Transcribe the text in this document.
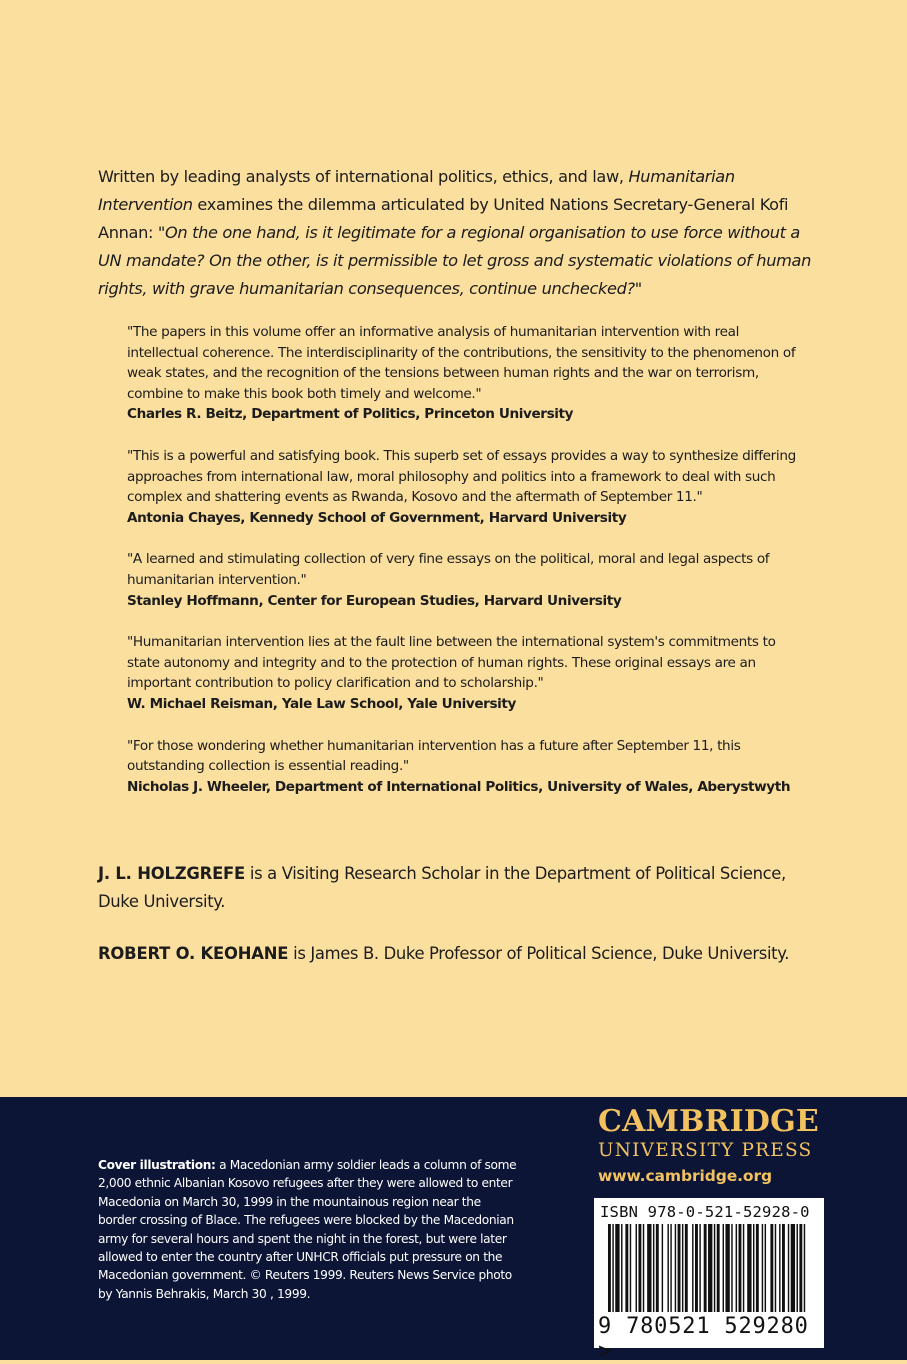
Written by leading analysts of international politics, ethics, and law, Humanitarian Intervention examines the dilemma articulated by United Nations Secretary-General Kofi Annan: "On the one hand, is it legitimate for a regional organisation to use force without a UN mandate? On the other, is it permissible to let gross and systematic violations of human rights, with grave humanitarian consequences, continue unchecked?"

"The papers in this volume offer an informative analysis of humanitarian intervention with real intellectual coherence. The interdisciplinarity of the contributions, the sensitivity to the phenomenon of weak states, and the recognition of the tensions between human rights and the war on terrorism, combine to make this book both timely and welcome."

Charles R. Beitz, Department of Politics, Princeton University

"This is a powerful and satisfying book. This superb set of essays provides a way to synthesize differing approaches from international law, moral philosophy and politics into a framework to deal with such complex and shattering events as Rwanda, Kosovo and the aftermath of September 11."

Antonia Chayes, Kennedy School of Government, Harvard University

"A learned and stimulating collection of very fine essays on the political, moral and legal aspects of humanitarian intervention."

Stanley Hoffmann, Center for European Studies, Harvard University

"Humanitarian intervention lies at the fault line between the international system's commitments to state autonomy and integrity and to the protection of human rights. These original essays are an important contribution to policy clarification and to scholarship."

W. Michael Reisman, Yale Law School, Yale University

"For those wondering whether humanitarian intervention has a future after September 11, this outstanding collection is essential reading."

Nicholas J. Wheeler, Department of International Politics, University of Wales, Aberystwyth

J. L. HOLZGREFE is a Visiting Research Scholar in the Department of Political Science, Duke University.

ROBERT O. KEOHANE is James B. Duke Professor of Political Science, Duke University.

Cover illustration: a Macedonian army soldier leads a column of some 2,000 ethnic Albanian Kosovo refugees after they were allowed to enter Macedonia on March 30, 1999 in the mountainous region near the border crossing of Blace. The refugees were blocked by the Macedonian army for several hours and spent the night in the forest, but were later allowed to enter the country after UNHCR officials put pressure on the Macedonian government. © Reuters 1999. Reuters News Service photo by Yannis Behrakis, March 30 , 1999.

CAMBRIDGE
UNIVERSITY PRESS
www.cambridge.org
ISBN 978-0-521-52928-0
9 780521 529280 >
